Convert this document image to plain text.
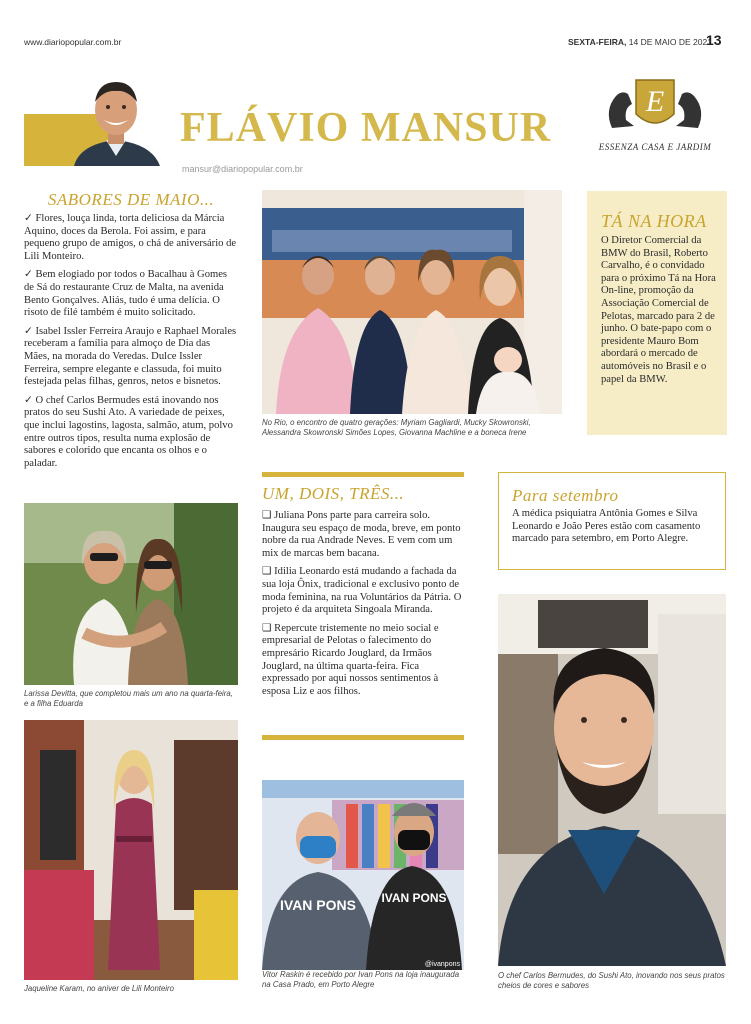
www.diariopopular.com.br	SEXTA-FEIRA, 14 DE MAIO DE 2021
13
FLÁVIO MANSUR
mansur@diariopopular.com.br
E
ESSENZA CASA E JARDIM
SABORES DE MAIO...

✓ Flores, louça linda, torta deliciosa da Márcia Aquino, doces da Berola. Foi assim, e para pequeno grupo de amigos, o chá de aniversário de Lili Monteiro.

✓ Bem elogiado por todos o Bacalhau à Gomes de Sá do restaurante Cruz de Malta, na avenida Bento Gonçalves. Aliás, tudo é uma delícia. O risoto de filé também é muito solicitado.

✓ Isabel Issler Ferreira Araujo e Raphael Morales receberam a família para almoço de Dia das Mães, na morada do Veredas. Dulce Issler Ferreira, sempre elegante e classuda, foi muito festejada pelas filhas, genros, netos e bisnetos.

✓ O chef Carlos Bermudes está inovando nos pratos do seu Sushi Ato. A variedade de peixes, que inclui lagostins, lagosta, salmão, atum, polvo entre outros tipos, resulta numa explosão de sabores e colorido que encanta os olhos e o paladar.

No Rio, o encontro de quatro gerações: Myriam Gagliardi, Mucky Skowronski, Alessandra Skowronski Simões Lopes, Giovanna Machline e a boneca Irene
TÁ NA HORA

O Diretor Comercial da BMW do Brasil, Roberto Carvalho, é o convidado para o próximo Tá na Hora On-line, promoção da Associação Comercial de Pelotas, marcado para 2 de junho. O bate-papo com o presidente Mauro Bom abordará o mercado de automóveis no Brasil e o papel da BMW.

UM, DOIS, TRÊS...

❑ Juliana Pons parte para carreira solo. Inaugura seu espaço de moda, breve, em ponto nobre da rua Andrade Neves. E vem com um mix de marcas bem bacana.

❑ Idilia Leonardo está mudando a fachada da sua loja Ônix, tradicional e exclusivo ponto de moda feminina, na rua Voluntários da Pátria. O projeto é da arquiteta Singoala Miranda.

❑ Repercute tristemente no meio social e empresarial de Pelotas o falecimento do empresário Ricardo Jouglard, da Irmãos Jouglard, na última quarta-feira. Fica expressado por aqui nossos sentimentos à esposa Liz e aos filhos.

Para setembro

A médica psiquiatra Antônia Gomes e Silva Leonardo e João Peres estão com casamento marcado para setembro, em Porto Alegre.

Larissa Devitta, que completou mais um ano na quarta-feira, e a filha Eduarda
Jaqueline Karam, no aniver de Lili Monteiro
IVAN PONS IVAN PONS
@ivanpons
Vitor Raskin é recebido por Ivan Pons na loja inaugurada na Casa Prado, em Porto Alegre
O chef Carlos Bermudes, do Sushi Ato, inovando nos seus pratos cheios de cores e sabores
